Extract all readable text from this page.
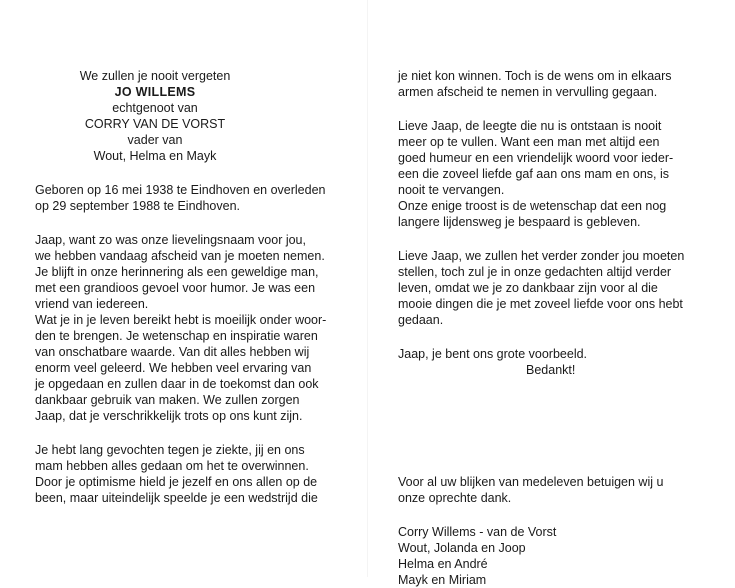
We zullen je nooit vergeten

JO WILLEMS

echtgenoot van

CORRY VAN DE VORST

vader van

Wout, Helma en Mayk

Geboren op 16 mei 1938 te Eindhoven en overleden

op 29 september 1988 te Eindhoven.

Jaap, want zo was onze lievelingsnaam voor jou,

we hebben vandaag afscheid van je moeten nemen.

Je blijft in onze herinnering als een geweldige man,

met een grandioos gevoel voor humor. Je was een

vriend van iedereen.

Wat je in je leven bereikt hebt is moeilijk onder woor-

den te brengen. Je wetenschap en inspiratie waren

van onschatbare waarde. Van dit alles hebben wij

enorm veel geleerd. We hebben veel ervaring van

je opgedaan en zullen daar in de toekomst dan ook

dankbaar gebruik van maken. We zullen zorgen

Jaap, dat je verschrikkelijk trots op ons kunt zijn.

Je hebt lang gevochten tegen je ziekte, jij en ons

mam hebben alles gedaan om het te overwinnen.

Door je optimisme hield je jezelf en ons allen op de

been, maar uiteindelijk speelde je een wedstrijd die

je niet kon winnen. Toch is de wens om in elkaars

armen afscheid te nemen in vervulling gegaan.

Lieve Jaap, de leegte die nu is ontstaan is nooit

meer op te vullen. Want een man met altijd een

goed humeur en een vriendelijk woord voor ieder-

een die zoveel liefde gaf aan ons mam en ons, is

nooit te vervangen.

Onze enige troost is de wetenschap dat een nog

langere lijdensweg je bespaard is gebleven.

Lieve Jaap, we zullen het verder zonder jou moeten

stellen, toch zul je in onze gedachten altijd verder

leven, omdat we je zo dankbaar zijn voor al die

mooie dingen die je met zoveel liefde voor ons hebt

gedaan.

Jaap, je bent ons grote voorbeeld.

Bedankt!

Voor al uw blijken van medeleven betuigen wij u

onze oprechte dank.

Corry Willems - van de Vorst

Wout, Jolanda en Joop

Helma en André

Mayk en Miriam
